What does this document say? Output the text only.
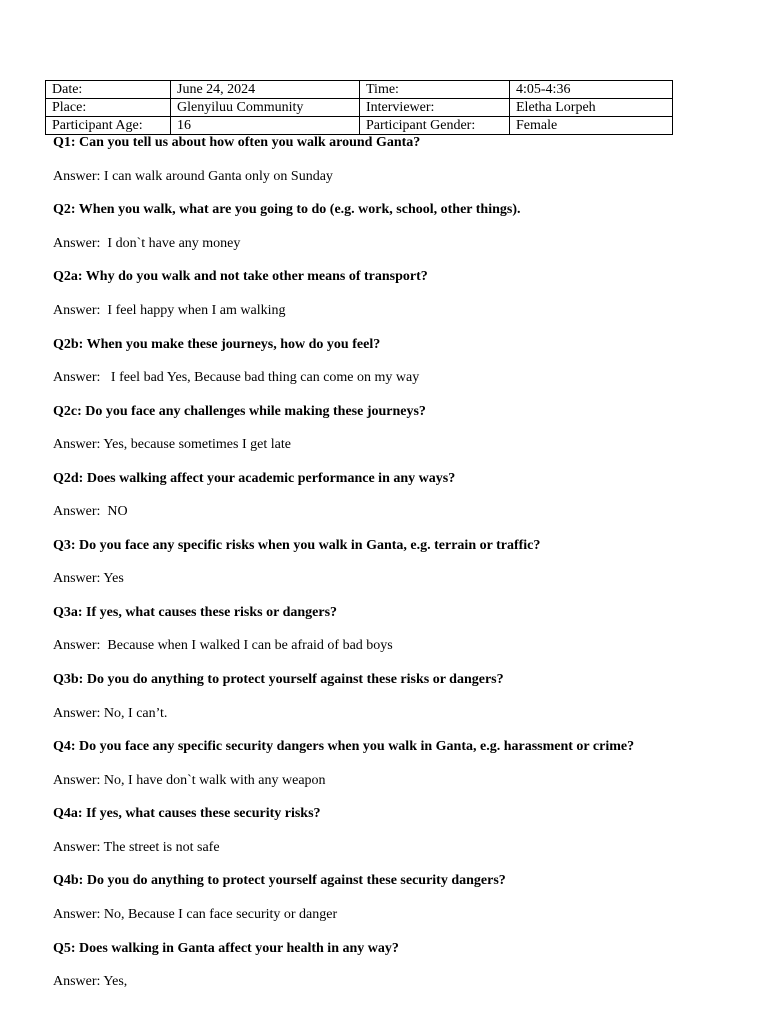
Date:	June 24, 2024	Time:	4:05-4:36
Place:	Glenyiluu Community	Interviewer:	Eletha Lorpeh
Participant Age:	16	Participant Gender:	Female
Q1: Can you tell us about how often you walk around Ganta?
Answer: I can walk around Ganta only on Sunday
Q2: When you walk, what are you going to do (e.g. work, school, other things).
Answer:  I don`t have any money
Q2a: Why do you walk and not take other means of transport?
Answer:  I feel happy when I am walking
Q2b: When you make these journeys, how do you feel?
Answer:   I feel bad Yes, Because bad thing can come on my way
Q2c: Do you face any challenges while making these journeys?
Answer: Yes, because sometimes I get late
Q2d: Does walking affect your academic performance in any ways?
Answer:  NO
Q3: Do you face any specific risks when you walk in Ganta, e.g. terrain or traffic?
Answer: Yes
Q3a: If yes, what causes these risks or dangers?
Answer:  Because when I walked I can be afraid of bad boys
Q3b: Do you do anything to protect yourself against these risks or dangers?
Answer: No, I can’t.
Q4: Do you face any specific security dangers when you walk in Ganta, e.g. harassment or crime?
Answer: No, I have don`t walk with any weapon
Q4a: If yes, what causes these security risks?
Answer: The street is not safe
Q4b: Do you do anything to protect yourself against these security dangers?
Answer: No, Because I can face security or danger
Q5: Does walking in Ganta affect your health in any way?
Answer: Yes,
